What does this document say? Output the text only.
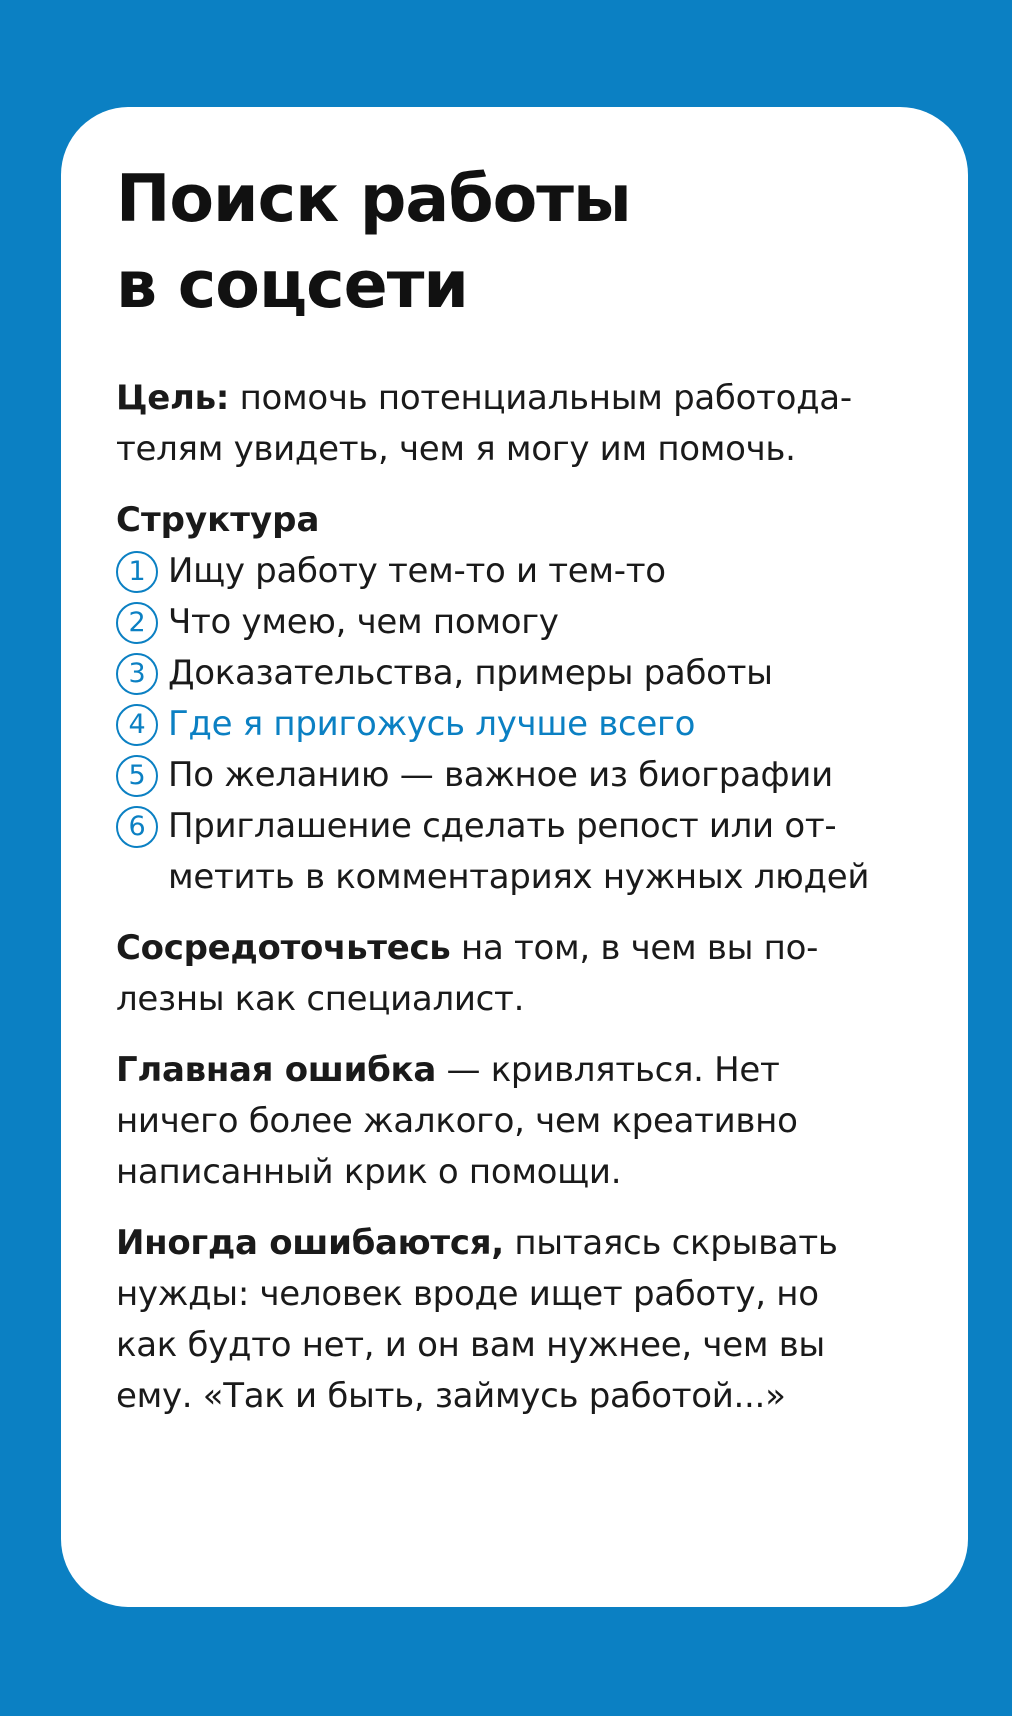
Поиск работы
в соцсети
Цель: помочь потенциальным работода-
телям увидеть, чем я могу им помочь.
Структура
1 Ищу работу тем-то и тем-то
2 Что умею, чем помогу
3 Доказательства, примеры работы
4 Где я пригожусь лучше всего
5 По желанию — важное из биографии
6 Приглашение сделать репост или от-
метить в комментариях нужных людей
Сосредоточьтесь на том, в чем вы по-
лезны как специалист.
Главная ошибка — кривляться. Нет
ничего более жалкого, чем креативно
написанный крик о помощи.
Иногда ошибаются, пытаясь скрывать
нужды: человек вроде ищет работу, но
как будто нет, и он вам нужнее, чем вы
ему. «Так и быть, займусь работой...»
